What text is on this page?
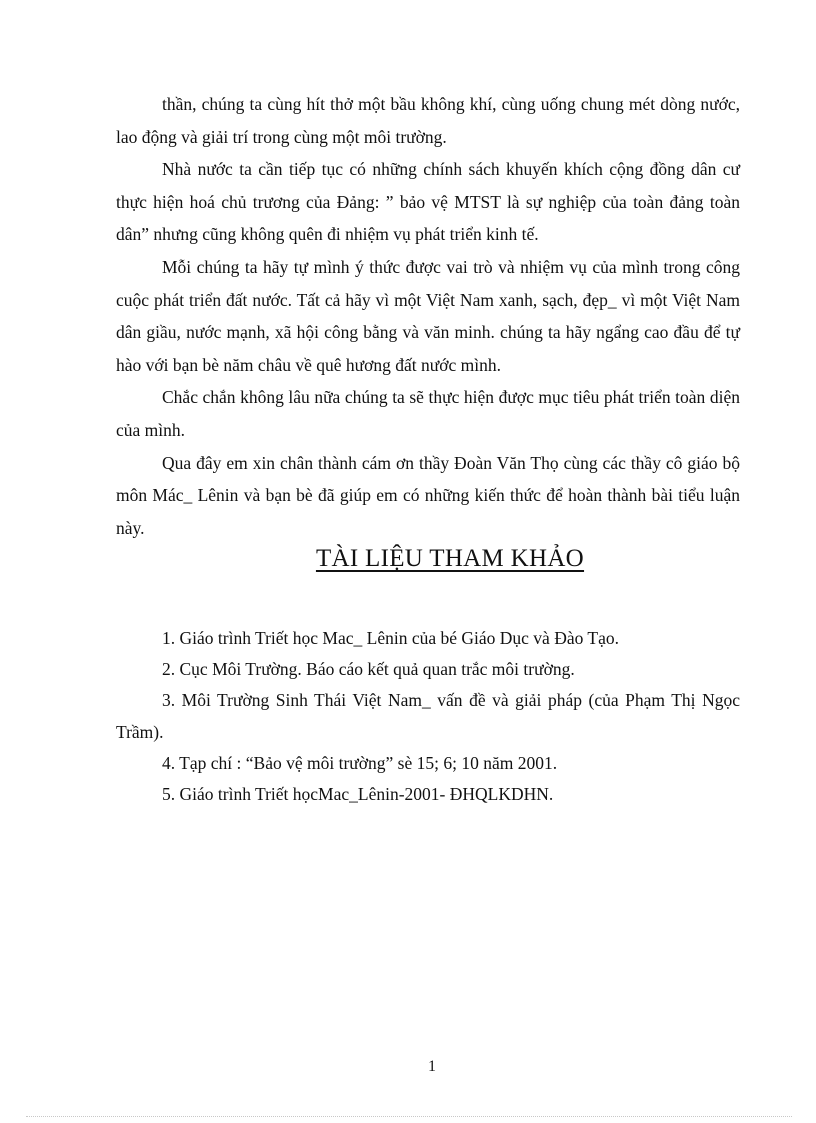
thần, chúng ta cùng hít thở một bầu không khí, cùng uống chung mét dòng nước, lao động và giải trí trong cùng một môi trường.

Nhà nước ta cần tiếp tục có những chính sách khuyến khích cộng đồng dân cư thực hiện hoá chủ trương của Đảng: ” bảo vệ MTST là sự nghiệp của toàn đảng toàn dân” nhưng cũng không quên đi nhiệm vụ phát triển kinh tế.

Mỗi chúng ta hãy tự mình ý thức được vai trò và nhiệm vụ của mình trong công cuộc phát triển đất nước. Tất cả hãy vì một Việt Nam xanh, sạch, đẹp_ vì một Việt Nam dân giầu, nước mạnh, xã hội công bằng và văn minh. chúng ta hãy ngẩng cao đầu để tự hào với bạn bè năm châu về quê hương đất nước mình.

Chắc chắn không lâu nữa chúng ta sẽ thực hiện được mục tiêu phát triển toàn diện của mình.

Qua đây em xin chân thành cám ơn thầy Đoàn Văn Thọ cùng các thầy cô giáo bộ môn Mác_ Lênin và bạn bè đã giúp em có những kiến thức để hoàn thành bài tiểu luận này.

TÀI LIỆU THAM KHẢO

1. Giáo trình Triết học Mac_ Lênin của bé Giáo Dục và Đào Tạo.

2. Cục Môi Trường. Báo cáo kết quả quan trắc môi trường.

3. Môi Trường Sinh Thái Việt Nam_ vấn đề và giải pháp (của Phạm Thị Ngọc Trầm).

4. Tạp chí : “Bảo vệ môi trường” sè 15; 6; 10 năm 2001.

5. Giáo trình Triết họcMac_Lênin-2001- ĐHQLKDHN.

1
